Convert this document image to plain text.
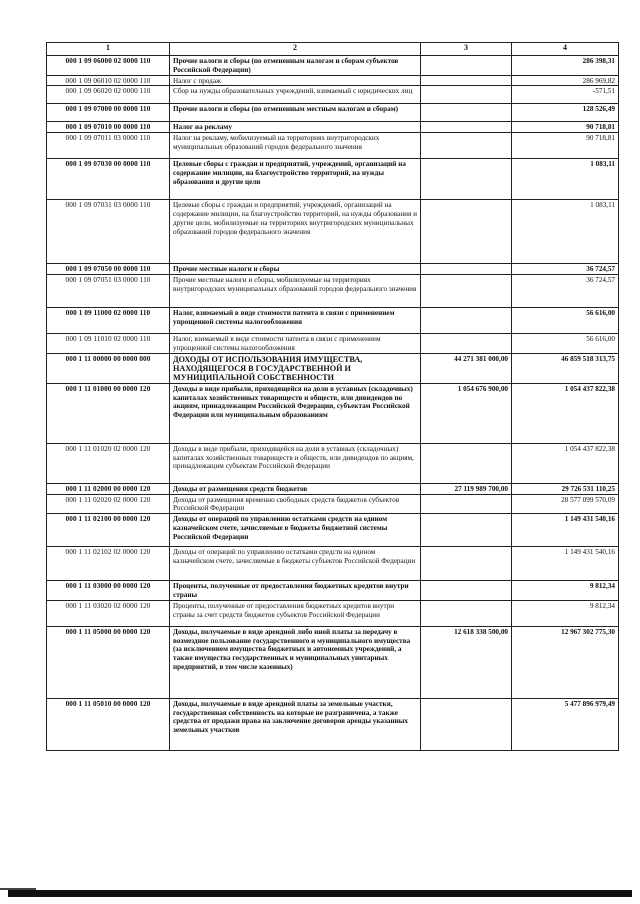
1	2	3	4
000 1 09 06000 02 0000 110	Прочие налоги и сборы (по отмененным налогам и сборам субъектов Российской Федерации)		286 398,31
000 1 09 06010 02 0000 110	Налог с продаж		286 969,82
000 1 09 06020 02 0000 110	Сбор на нужды образовательных учреждений, взимаемый с юридических лиц		-571,51
000 1 09 07000 00 0000 110	Прочие налоги и сборы (по отмененным местным налогам и сборам)		128 526,49
000 1 09 07010 00 0000 110	Налог на рекламу		90 718,81
000 1 09 07011 03 0000 110	Налог на рекламу, мобилизуемый на территориях внутригородских муниципальных образований городов федерального значения		90 718,81
000 1 09 07030 00 0000 110	Целевые сборы с граждан и предприятий, учреждений, организаций на содержание милиции, на благоустройство территорий, на нужды образования и другие цели		1 083,11
000 1 09 07031 03 0000 110	Целевые сборы с граждан и предприятий, учреждений, организаций на содержание милиции, на благоустройство территорий, на нужды образования и другие цели, мобилизуемые на территориях внутригородских муниципальных образований городов федерального значения		1 083,11
000 1 09 07050 00 0000 110	Прочие местные налоги и сборы		36 724,57
000 1 09 07051 03 0000 110	Прочие местные налоги и сборы, мобилизуемые на территориях внутригородских муниципальных образований городов федерального значения		36 724,57
000 1 09 11000 02 0000 110	Налог, взимаемый в виде стоимости патента в связи с применением упрощенной системы налогообложения		56 616,00
000 1 09 11010 02 0000 110	Налог, взимаемый в виде стоимости патента в связи с применением упрощенной системы налогообложения		56 616,00
000 1 11 00000 00 0000 000	ДОХОДЫ ОТ ИСПОЛЬЗОВАНИЯ ИМУЩЕСТВА, НАХОДЯЩЕГОСЯ В ГОСУДАРСТВЕННОЙ И МУНИЦИПАЛЬНОЙ СОБСТВЕННОСТИ	44 271 381 000,00	46 859 518 313,75
000 1 11 01000 00 0000 120	Доходы в виде прибыли, приходящейся на доли в уставных (складочных) капиталах хозяйственных товариществ и обществ, или дивидендов по акциям, принадлежащим Российской Федерации, субъектам Российской Федерации или муниципальным образованиям	1 054 676 900,00	1 054 437 822,38
000 1 11 01020 02 0000 120	Доходы в виде прибыли, приходящейся на доли в уставных (складочных) капиталах хозяйственных товариществ и обществ, или дивидендов по акциям, принадлежащим субъектам Российской Федерации		1 054 437 822,38
000 1 11 02000 00 0000 120	Доходы от размещения средств бюджетов	27 119 989 700,00	29 726 531 110,25
000 1 11 02020 02 0000 120	Доходы от размещения временно свободных средств бюджетов субъектов Российской Федерации		28 577 099 570,09
000 1 11 02100 00 0000 120	Доходы от операций по управлению остатками средств на едином казначейском счете, зачисляемые в бюджеты бюджетной системы Российской Федерации		1 149 431 540,16
000 1 11 02102 02 0000 120	Доходы от операций по управлению остатками средств на едином казначейском счете, зачисляемые в бюджеты субъектов Российской Федерации		1 149 431 540,16
000 1 11 03000 00 0000 120	Проценты, полученные от предоставления бюджетных кредитов внутри страны		9 812,34
000 1 11 03020 02 0000 120	Проценты, полученные от предоставления бюджетных кредитов внутри страны за счет средств бюджетов субъектов Российской Федерации		9 812,34
000 1 11 05000 00 0000 120	Доходы, получаемые в виде арендной либо иной платы за передачу в возмездное пользование государственного и муниципального имущества (за исключением имущества бюджетных и автономных учреждений, а также имущества государственных и муниципальных унитарных предприятий, в том числе казенных)	12 618 338 500,00	12 967 302 775,30
000 1 11 05010 00 0000 120	Доходы, получаемые в виде арендной платы за земельные участки, государственная собственность на которые не разграничена, а также средства от продажи права на заключение договоров аренды указанных земельных участков		5 477 896 979,49
